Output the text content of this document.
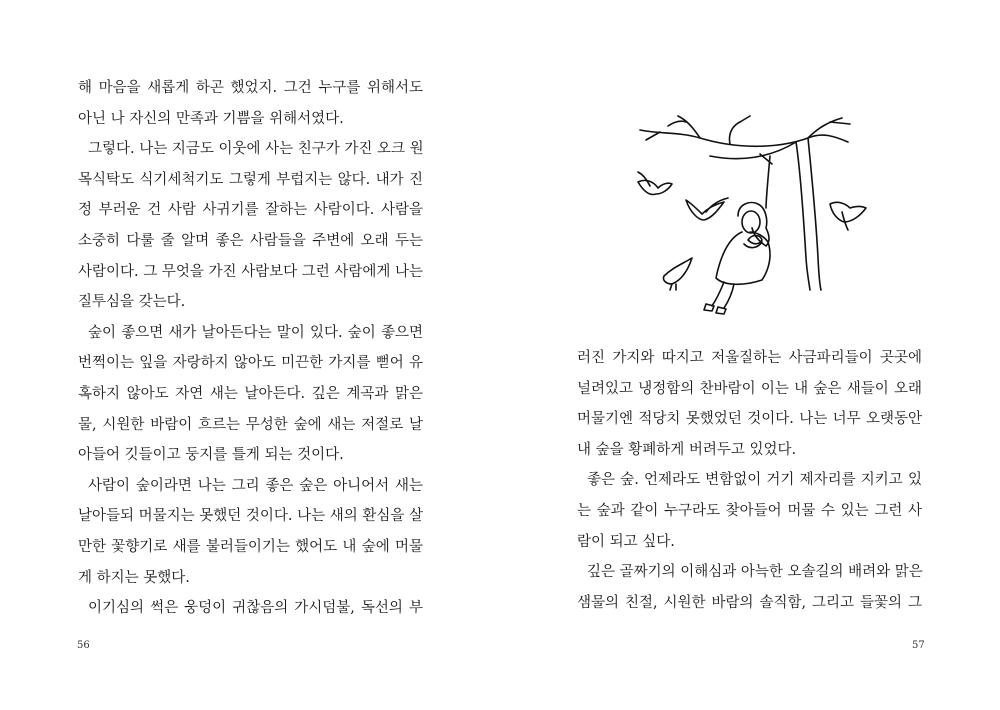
해 마음을 새롭게 하곤 했었지. 그건 누구를 위해서도
아닌 나 자신의 만족과 기쁨을 위해서였다.
그렇다. 나는 지금도 이웃에 사는 친구가 가진 오크 원
목식탁도 식기세척기도 그렇게 부럽지는 않다. 내가 진
정 부러운 건 사람 사귀기를 잘하는 사람이다. 사람을
소중히 다룰 줄 알며 좋은 사람들을 주변에 오래 두는
사람이다. 그 무엇을 가진 사람보다 그런 사람에게 나는
질투심을 갖는다.
숲이 좋으면 새가 날아든다는 말이 있다. 숲이 좋으면
번쩍이는 잎을 자랑하지 않아도 미끈한 가지를 뻗어 유
혹하지 않아도 자연 새는 날아든다. 깊은 계곡과 맑은
물, 시원한 바람이 흐르는 무성한 숲에 새는 저절로 날
아들어 깃들이고 둥지를 틀게 되는 것이다.
사람이 숲이라면 나는 그리 좋은 숲은 아니어서 새는
날아들되 머물지는 못했던 것이다. 나는 새의 환심을 살
만한 꽃향기로 새를 불러들이기는 했어도 내 숲에 머물
게 하지는 못했다.
이기심의 썩은 웅덩이 귀찮음의 가시덤불, 독선의 부
56
러진 가지와 따지고 저울질하는 사금파리들이 곳곳에
널려있고 냉정함의 찬바람이 이는 내 숲은 새들이 오래
머물기엔 적당치 못했었던 것이다. 나는 너무 오랫동안
내 숲을 황폐하게 버려두고 있었다.
좋은 숲. 언제라도 변함없이 거기 제자리를 지키고 있
는 숲과 같이 누구라도 찾아들어 머물 수 있는 그런 사
람이 되고 싶다.
깊은 골짜기의 이해심과 아늑한 오솔길의 배려와 맑은
샘물의 친절, 시원한 바람의 솔직함, 그리고 들꽃의 그
57
